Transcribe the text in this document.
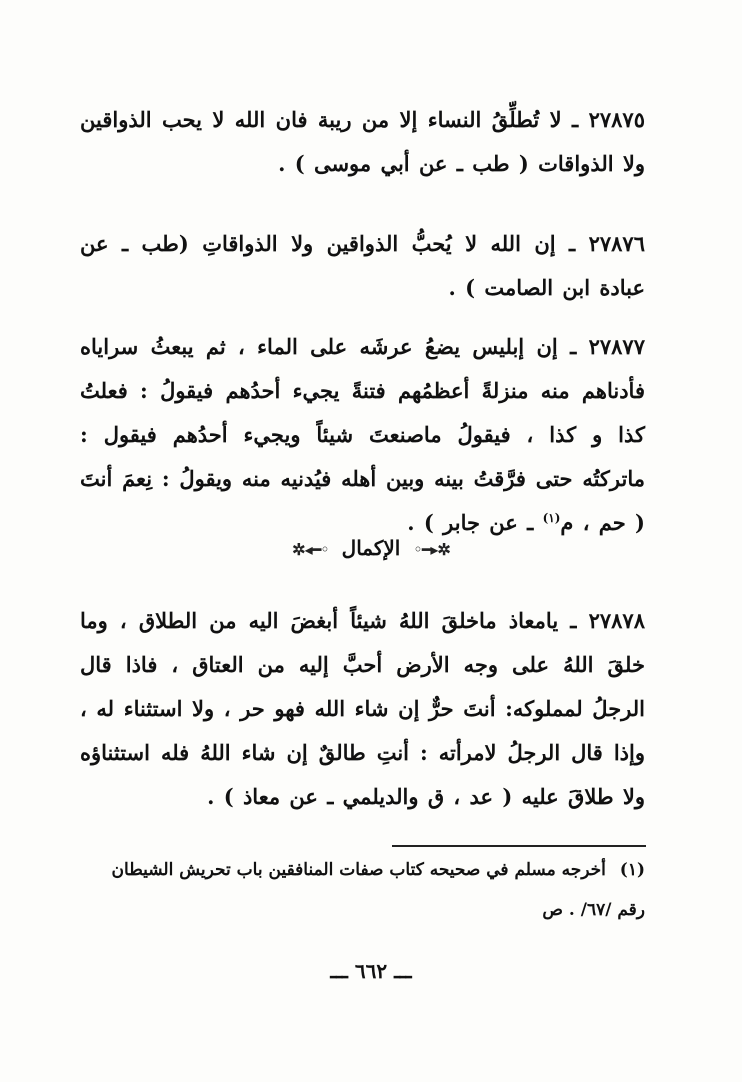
٢٧٨٧٥ ـ لا تُطلِّقُ النساء إلا من ريبة فان الله لا يحب الذواقين ولا الذواقات ( طب ـ عن أبي موسى ) .

٢٧٨٧٦ ـ إن الله لا يُحبُّ الذواقين ولا الذواقاتِ (طب ـ عن عبادة ابن الصامت ) .

٢٧٨٧٧ ـ إن إبليس يضعُ عرشَه على الماء ، ثم يبعثُ سراياه فأدناهم منه منزلةً أعظمُهم فتنةً يجيء أحدُهم فيقولُ : فعلتُ كذا و كذا ، فيقولُ ماصنعتَ شيئاً ويجيء أحدُهم فيقول : ماتركتُه حتى فرَّقتُ بينه وبين أهله فيُدنيه منه ويقولُ : نِعمَ أنتَ ( حم ، م$^{(١)}$ ـ عن جابر ) .

✲▸━◦ الإكمال ◦━◂✲

٢٧٨٧٨ ـ يامعاذ ماخلقَ اللهُ شيئاً أبغضَ اليه من الطلاق ، وما خلقَ اللهُ على وجه الأرض أحبَّ إليه من العتاق ، فاذا قال الرجلُ لمملوكه: أنتَ حرٌّ إن شاء الله فهو حر ، ولا استثناء له ، وإذا قال الرجلُ لامرأته : أنتِ طالقٌ إن شاء اللهُ فله استثناؤه ولا طلاقَ عليه ( عد ، ق والديلمي ـ عن معاذ ) .

(١) أخرجه مسلم في صحيحه كتاب صفات المنافقين باب تحريش الشيطان رقم /٦٧/ . ص

ـــ ٦٦٢ ـــ
